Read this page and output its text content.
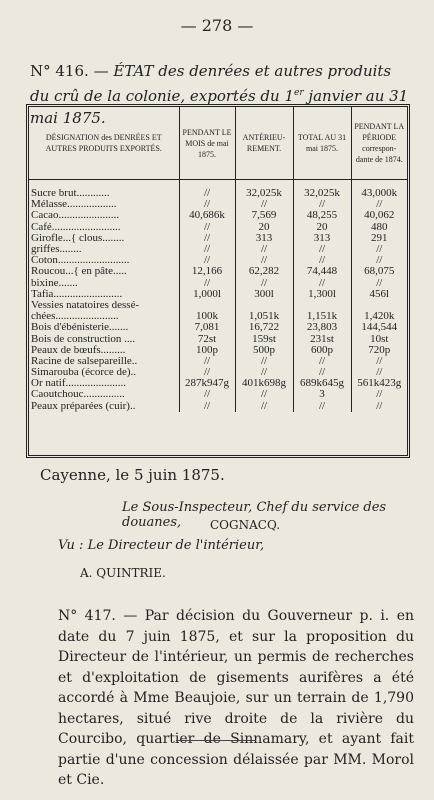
— 278 —
N° 416. — ÉTAT des denrées et autres produits du crû de la colonie, exportés du 1er janvier au 31 mai 1875.
DÉSIGNATION des DENRÉES ET AUTRES PRODUITS EXPORTÉS.	PENDANT LE MOIS de mai 1875.	ANTÉRIEU-REMENT.	TOTAL AU 31 mai 1875.	PENDANT LA PÉRIODE correspon-dante de 1874.

Sucre brut............	//	32,025k	32,025k	43,000k
Mélasse..................	//	//	//	//
Cacao......................	40,686k	7,569	48,255	40,062
Café.........................	//	20	20	480
Girofle...{ clous........	//	313	313	291
griffes........	//	//	//	//
Coton..........................	//	//	//	//
Roucou...{ en pâte.....	12,166	62,282	74,448	68,075
bixine.......	//	//	//	//
Tafia.........................	1,000l	300l	1,300l	456l
Vessies natatoires dessé-				
chées.......................	100k	1,051k	1,151k	1,420k
Bois d'ébénisterie.......	7,081	16,722	23,803	144,544
Bois de construction ....	72st	159st	231st	10st
Peaux de bœufs.........	100p	500p	600p	720p
Racine de salsepareille..	//	//	//	//
Simarouba (écorce de)..	//	//	//	//
Or natif......................	287k947g	401k698g	689k645g	561k423g
Caoutchouc...............	//	//	3	//
Peaux préparées (cuir)..	//	//	//	//
Cayenne, le 5 juin 1875.
Le Sous-Inspecteur, Chef du service des douanes,	COGNACQ.
Vu : Le Directeur de l'intérieur,
A. QUINTRIE.
N° 417. — Par décision du Gouverneur p. i. en date du 7 juin 1875, et sur la proposition du Directeur de l'intérieur, un permis de recherches et d'exploitation de gisements aurifères a été accordé à Mme Beaujoie, sur un terrain de 1,790 hectares, situé rive droite de la rivière du Courcibo, quartier de Sinnamary, et ayant fait partie d'une concession délaissée par MM. Morol et Cie.
